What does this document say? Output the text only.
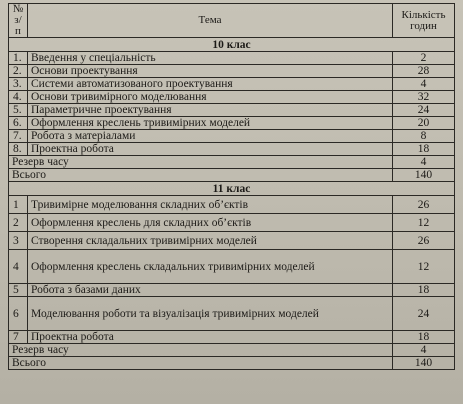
№ з/п	Тема	Кількість годин
10 клас		
1.	Введення у спеціальність	2
2.	Основи проектування	28
3.	Системи автоматизованого проектування	4
4.	Основи тривимірного моделювання	32
5.	Параметричне проектування	24
6.	Оформлення креслень тривимірних моделей	20
7.	Робота з матеріалами	8
8.	Проектна робота	18
Резерв часу		4
Всього		140
11 клас		
1	Тривимірне моделювання складних об’єктів	26
2	Оформлення креслень для складних об’єктів	12
3	Створення складальних тривимірних моделей	26
4	Оформлення креслень складальних тривимірних моделей	12
5	Робота з базами даних	18
6	Моделювання роботи та візуалізація тривимірних моделей	24
7	Проектна робота	18
Резерв часу		4
Всього		140
